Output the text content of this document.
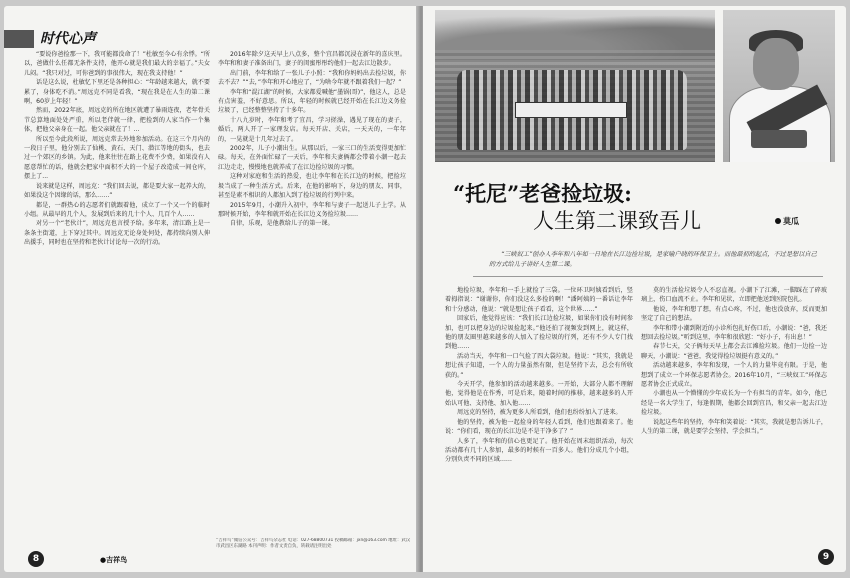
时代心声

“要说你爸捡那一下，我可能都没命了！”杜敏至今心有余悸。“所以，爸做什么任都无条件支持，他开心就是我们最大的幸福了。”夫女儿闷。“我只对过，可你爸到的事很伟大，现在我支持他！”

话是这么说，杜敏忆下里还是各种担心：“年龄越来越大，就不要累了，身体吃不消。”周远克不同是看我，“现在我是在人生的第二课啊，60岁上年轻！”

然而，2022年底，周远克的所在地区就遭了暴雨连夜，老年骨关节总算地面处处严重，所以老伴就一律，把捡到的人家当作一个集体，把他父亲身在一起。他父亲就在了！...

所以至今此段所说，周远克常去外地参加活动。在这三个月内的一段日子里，他分别去了仙桃、黄石、天门、潜江等地的街头，也去过一个郊区的乡镇。为此，他来往往在路上花费不少费，如果没有人愿意帮忙的话，他就会把家中面积不大的一个屋子改造成一间仓库，摆上了...

说来就是这样，周远克：“我们回去说，都是要大家一起养大的，如果没这个因缘的话，那么……”

都是，一群热心的志愿者们就跟着他，成立了一个又一个的临时小组。从最早的几个人，发展到后来的几十个人、几百个人……

对另一个“老伙计”，周远克也言授予给。多年来，清江路上是一条条主街道，上下穿过其中。周远克无论身处何处，都持续向别人伸出援手，同时也在坚持和老伙计讨论每一次的行动。

2016年除夕这天早上八点多，整个宜昌都沉浸在新年的喜庆里。李年和和妻子准备出门，妻子的闺蜜彤彤约他们一起去江边散步。

出门前，李年和给了一张儿子小照：“我和你妈妈出去捡垃圾，你去不去？”“去，”李年和开心地应了，“为啥今年就不跟着我们一起？”

李年和“混江湖”的时候，大家都爱喊他“墨锅(哥)”，他这人，总是有点害羞，不好意思。所以，年轻的时候就已经开始在长江边义务捡垃圾了，已经整整坚持了十多年。

十八九岁时，李年和考了宜昌，学习搓澡，遇见了现在的妻子，婚后，两人开了一家理发店。每天开店、关店，一天天的，一年年的，一晃就是十几年过去了。

2002年，儿子小潮出生。从那以后，一家三口的生活变得更加忙碌。每天，在外面忙碌了一天后，李年和夫妻俩都会带着小潮一起去江边走走，慢慢地也就养成了在江边捡垃圾的习惯。

这种对家庭和生活的热爱，也让李年和在长江边的时候，把捡垃圾当成了一种生活方式。后来，在他的影响下，身边的朋友、同事，甚至是素不相识的人都加入到了捡垃圾的行列中来。

2015年9月，小潮升入初中，李年和与妻子一起送儿子上学。从那时候开始，李年和就开始在长江边义务捡垃圾……

自律，乐观，是他教给儿子的第一课。

“吉祥鸟”微信公众号：吉祥鸟杂志社 电话：027-68800731 投稿邮箱：jxn@163.com 地址：武汉市武昌区东湖路 本刊声明：作者文责自负，转载请注明出处
8	●吉祥鸟
“托尼”老爸捡垃圾:
人生第二课致吾儿	莫瓜
“三峡奴工”创办人李年和八年如一日地在长江边捡垃圾，是家喻户晓的环保卫士。而他最初的起点，不过是想以自己的方式给儿子讲好人生第二课。

地捡垃圾，李年和一手上就捡了三袋。一位环卫阿姨看到后，竖着拇指说：“谢谢你，你们没这么多捡的啊！”潘阿姨的一番话让李年和十分感动，他说：“就是想让孩子看看，这个世界……”

回家后，他觉得应该：“我们长江边捡垃圾，如果你们没有时间参加，也可以把身边的垃圾捡起来。”他还拍了视频发到网上，就这样，他的朋友圈里越来越多的人加入了捡垃圾的行列，还有不少人专门找到他……

活动当天，李年和一口气捡了四大袋垃圾。他说：“其实，我就是想让孩子知道，一个人的力量虽然有限，但是坚持下去，总会有所收获的。”

今天开学，他参加的活动越来越多。一开始，大部分人都不理解他，觉得他是在作秀，可是后来，随着时间的推移，越来越多的人开始认可他、支持他、加入他……

周远克的坚持，被为更多人所看到，他们也纷纷加入了进来。

他的坚持，被为他一起捡身的年轻人看到，他们也跟着来了。他说：“你们看，现在的长江边是不是干净多了？”

人多了，李年和的信心也更足了。他开始在周末组织活动，每次活动都有几十人参加，最多的时候有一百多人。他们分成几个小组，分别负责不同的区域……

莫的生活捡垃圾令人不忍直视。小潮下了江滩，一脚踩在了碎玻璃上，伤口血流不止。李年和见状，立即把他送到医院包扎。

他说，李年和想了想，有点心疼，不过，他也没放弃，反而更加坚定了自己的想法。

李年和带小潮到附近的小诊所包扎好伤口后，小潮说：“爸，我还想回去捡垃圾。”听到这里，李年和很欣慰：“好小子，有出息！”

春节七天，父子俩每天早上都会去江滩捡垃圾。他们一边捡一边聊天，小潮说：“爸爸，我觉得捡垃圾挺有意义的。”

活动越来越多，李年和发现，一个人的力量毕竟有限。于是，他想到了成立一个环保志愿者协会。2016年10月，“三峡奴工”环保志愿者协会正式成立。

小潮也从一个懵懂的少年成长为一个有担当的青年。如今，他已经是一名大学生了，每逢假期，他都会回到宜昌，和父亲一起去江边捡垃圾。

说起这些年的坚持，李年和笑着说：“其实，我就是想告诉儿子，人生的第二课，就是要学会坚持、学会担当。”

9
